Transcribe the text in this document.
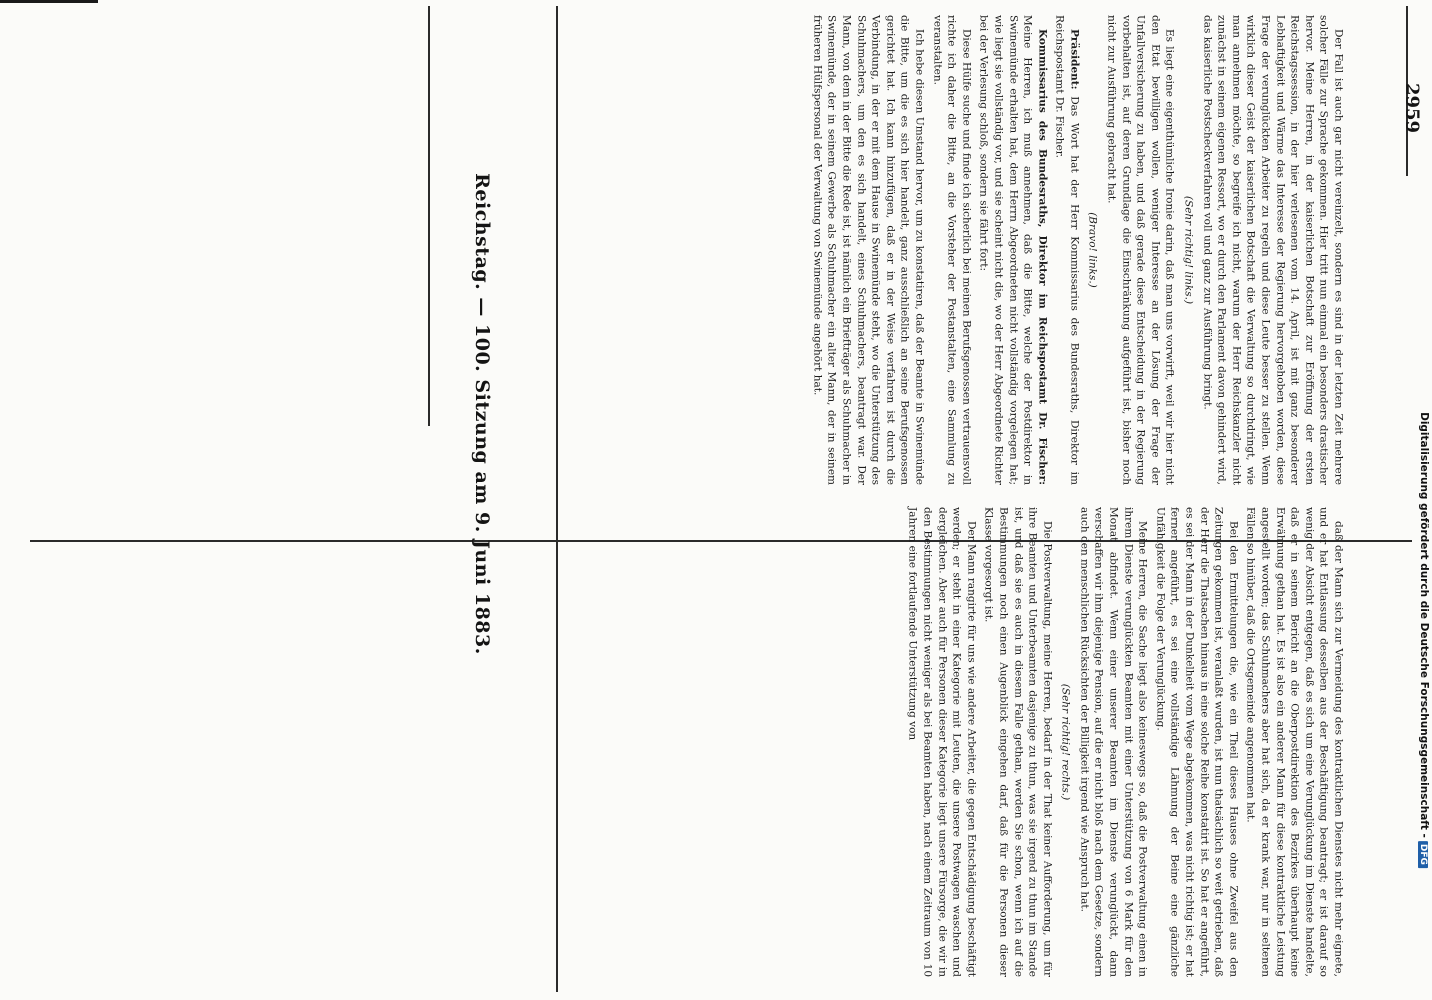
Reichstag. — 100. Sitzung am 9. Juni 1883.
2959

Der Fall ist auch gar nicht vereinzelt, sondern es sind in der letzten Zeit mehrere solcher Fälle zur Sprache gekommen. Hier tritt nun einmal ein besonders drastischer hervor. Meine Herren, in der kaiserlichen Botschaft zur Eröffnung der ersten Reichstagssession, in der hier verlesenen vom 14. April, ist mit ganz besonderer Lebhaftigkeit und Wärme das Interesse der Regierung hervorgehoben worden, diese Frage der verunglückten Arbeiter zu regeln und diese Leute besser zu stellen. Wenn wirklich dieser Geist der kaiserlichen Botschaft die Verwaltung so durchdringt, wie man annehmen möchte, so begreife ich nicht, warum der Herr Reichskanzler nicht zunächst in seinem eigenen Ressort, wo er durch den Parlament davon gehindert wird, das kaiserliche Postscheckverfahren voll und ganz zur Ausführung bringt.

(Sehr richtig! links.)

Es liegt eine eigenthümliche Ironie darin, daß man uns vorwirft, weil wir hier nicht den Etat bewilligen wollen, weniger Interesse an der Lösung der Frage der Unfallversicherung zu haben, und daß gerade diese Entscheidung in der Regierung vorbehalten ist, auf deren Grundlage die Einschränkung aufgeführt ist, bisher noch nicht zur Ausführung gebracht hat.

(Bravo! links.)

Präsident: Das Wort hat der Herr Kommissarius des Bundesraths, Direktor im Reichspostamt Dr. Fischer.

Kommissarius des Bundesraths, Direktor im Reichspostamt Dr. Fischer: Meine Herren, ich muß annehmen, daß die Bitte, welche der Postdirektor in Swinemünde erhalten hat, dem Herrn Abgeordneten nicht vollständig vorgelegen hat; wie liegt sie vollständig vor, und sie scheint nicht die, wo der Herr Abgeordnete Richter bei der Verlesung schloß, sondern sie fährt fort:

Diese Hülfe suche und finde ich sicherlich bei meinen Berufsgenossen vertrauensvoll richte ich daher die Bitte, an die Vorsteher der Postanstalten, eine Sammlung zu veranstalten.

Ich hebe diesen Umstand hervor, um zu konstatiren, daß der Beamte in Swinemünde die Bitte, um die es sich hier handelt, ganz ausschließlich an seine Berufsgenossen gerichtet hat. Ich kann hinzufügen, daß er in der Weise verfahren ist durch die Verbindung, in der er mit dem Hause in Swinemünde steht, wo die Unterstützung des Schuhmachers, um den es sich handelt, eines Schuhmachers, beantragt war. Der Mann, von dem in der Bitte die Rede ist, ist nämlich ein Briefträger als Schuhmacher in Swinemünde, der in seinem Gewerbe als Schuhmacher ein alter Mann, der in seinem früheren Hülfspersonal der Verwaltung von Swinemünde angehört hat.

daß der Mann sich zur Vermeidung des kontraktlichen Dienstes nicht mehr eignete, und er hat Entlassung desselben aus der Beschäftigung beantragt; er ist darauf so wenig der Absicht entgegen, daß es sich um eine Verunglückung im Dienste handelte, daß er in seinem Bericht an die Oberpostdirektion des Bezirkes überhaupt keine Erwähnung gethan hat. Es ist also ein anderer Mann für diese kontraktliche Leistung angestellt worden; das Schuhmachers aber hat sich, da er krank war, nur in seltenen Fällen so hinüber, daß die Ortsgemeinde angenommen hat.

Bei den Ermittelungen die, wie ein Theil dieses Hauses ohne Zweifel aus den Zeitungen gekommen ist, veranlaßt wurden, ist nun thatsächlich so weit getrieben, daß der Herr die Thatsachen hinaus in eine solche Reihe konstatirt ist. So hat er angeführt, es sei der Mann in der Dunkelheit vom Wege abgekommen, was nicht richtig ist; er hat ferner angeführt, es sei eine vollständige Lähmung der Beine eine gänzliche Unfähigkeit die Folge der Verunglückung.

Meine Herren, die Sache liegt also keineswegs so, daß die Postverwaltung einen in ihrem Dienste verunglückten Beamten mit einer Unterstützung von 6 Mark für den Monat abfindet. Wenn einer unserer Beamten im Dienste verunglückt, dann verschaffen wir ihm diejenige Pension, auf die er nicht bloß nach dem Gesetze, sondern auch den menschlichen Rücksichten der Billigkeit irgend wie Anspruch hat.

(Sehr richtig! rechts.)

Die Postverwaltung, meine Herren, bedarf in der That keiner Aufforderung, um für ihre Beamten und Unterbeamten dasjenige zu thun, was sie irgend zu thun im Stande ist, und daß sie es auch in diesem Falle gethan, werden Sie schon, wenn ich auf die Bestimmungen noch einen Augenblick eingehen darf, daß für die Personen dieser Klasse vorgesorgt ist.

Der Mann rangirte für uns wie andere Arbeiter, die gegen Entschädigung beschäftigt werden; er steht in einer Kategorie mit Leuten, die unsere Postwagen waschen und dergleichen. Aber auch für Personen dieser Kategorie liegt unsere Fürsorge, die wir in den Bestimmungen nicht weniger als bei Beamten haben, nach einem Zeitraum von 10 Jahren eine fortlaufende Unterstützung von	Digitalisierung gefördert durch die Deutsche Forschungsgemeinschaft -DFG
